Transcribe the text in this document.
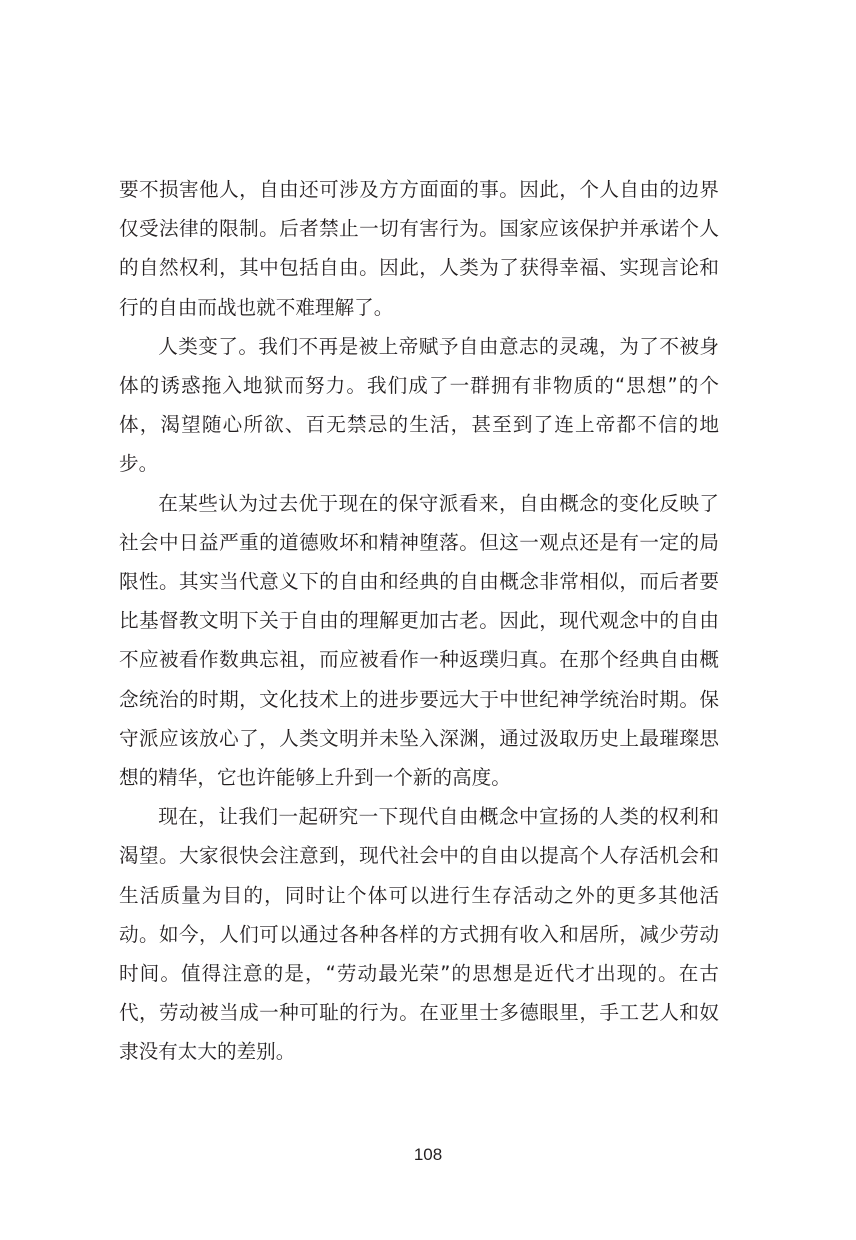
要不损害他人，自由还可涉及方方面面的事。因此，个人自由的边界仅受法律的限制。后者禁止一切有害行为。国家应该保护并承诺个人的自然权利，其中包括自由。因此，人类为了获得幸福、实现言论和行的自由而战也就不难理解了。

人类变了。我们不再是被上帝赋予自由意志的灵魂，为了不被身体的诱惑拖入地狱而努力。我们成了一群拥有非物质的“思想”的个体，渴望随心所欲、百无禁忌的生活，甚至到了连上帝都不信的地步。

在某些认为过去优于现在的保守派看来，自由概念的变化反映了社会中日益严重的道德败坏和精神堕落。但这一观点还是有一定的局限性。其实当代意义下的自由和经典的自由概念非常相似，而后者要比基督教文明下关于自由的理解更加古老。因此，现代观念中的自由不应被看作数典忘祖，而应被看作一种返璞归真。在那个经典自由概念统治的时期，文化技术上的进步要远大于中世纪神学统治时期。保守派应该放心了，人类文明并未坠入深渊，通过汲取历史上最璀璨思想的精华，它也许能够上升到一个新的高度。

现在，让我们一起研究一下现代自由概念中宣扬的人类的权利和渴望。大家很快会注意到，现代社会中的自由以提高个人存活机会和生活质量为目的，同时让个体可以进行生存活动之外的更多其他活动。如今，人们可以通过各种各样的方式拥有收入和居所，减少劳动时间。值得注意的是，“劳动最光荣”的思想是近代才出现的。在古代，劳动被当成一种可耻的行为。在亚里士多德眼里，手工艺人和奴隶没有太大的差别。

108
